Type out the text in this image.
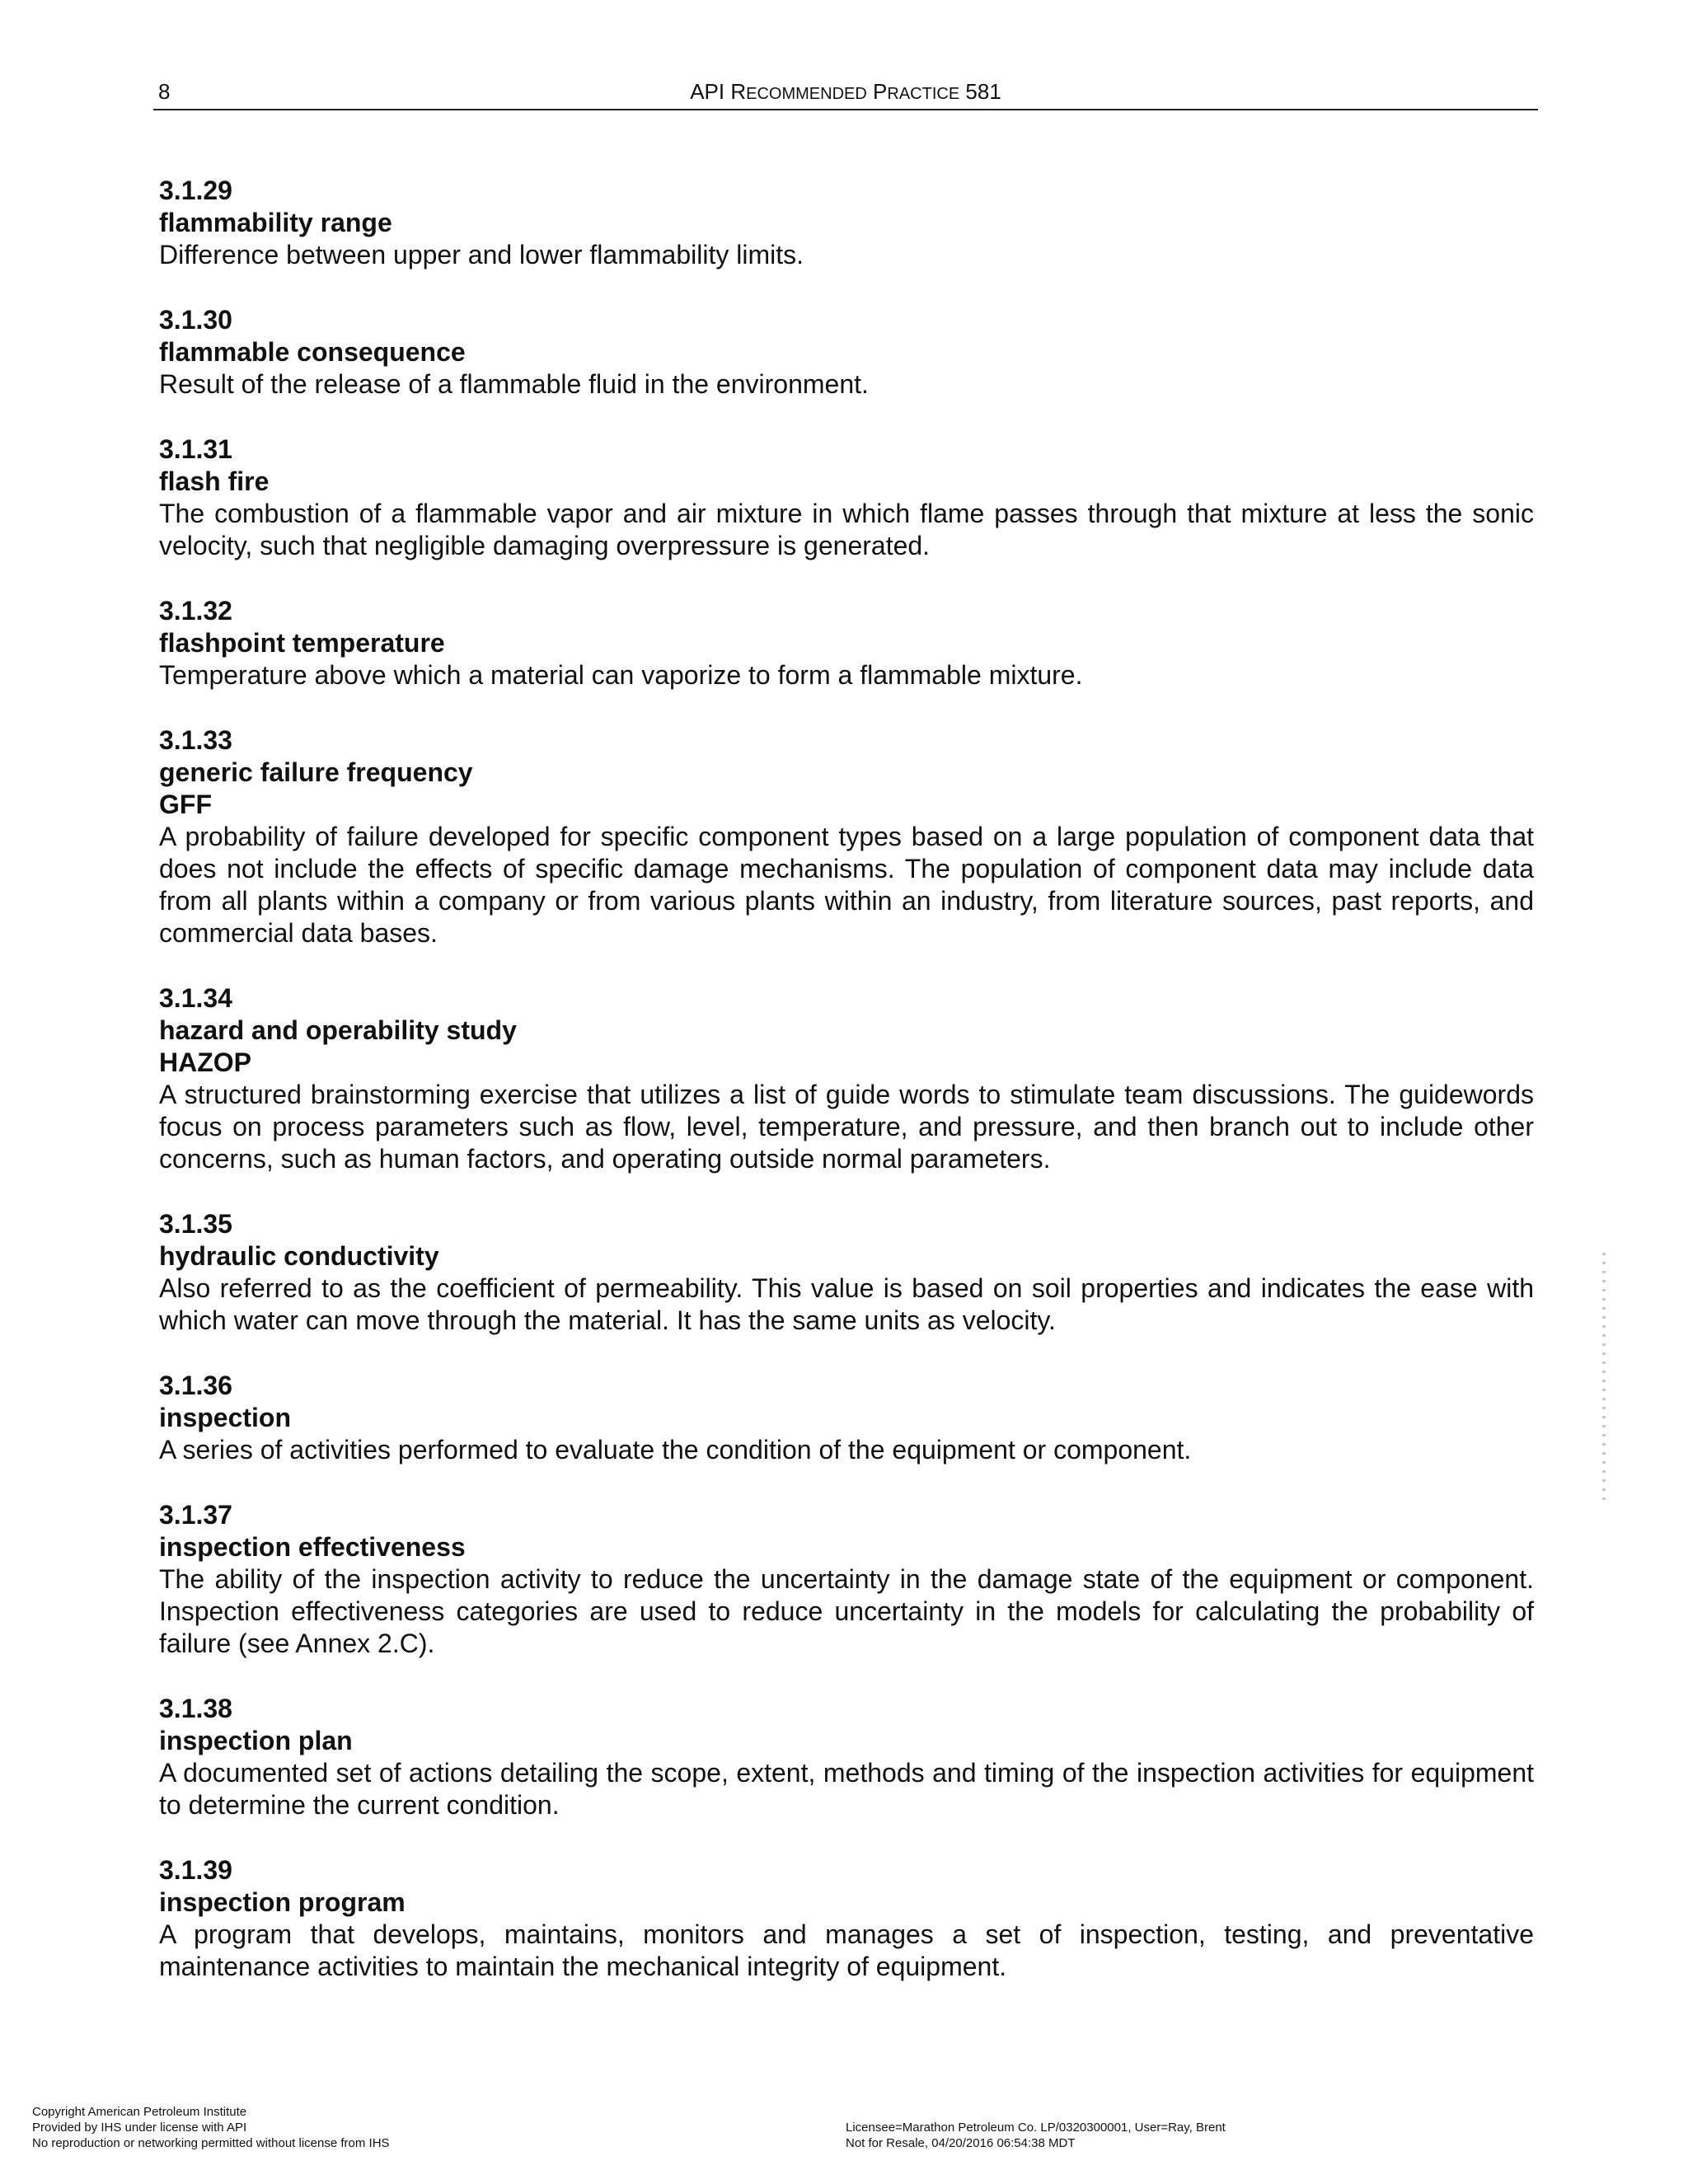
8	API RECOMMENDED PRACTICE 581

3.1.29

flammability range

Difference between upper and lower flammability limits.

3.1.30

flammable consequence

Result of the release of a flammable fluid in the environment.

3.1.31

flash fire

The combustion of a flammable vapor and air mixture in which flame passes through that mixture at less the sonic velocity, such that negligible damaging overpressure is generated.

3.1.32

flashpoint temperature

Temperature above which a material can vaporize to form a flammable mixture.

3.1.33

generic failure frequency

GFF

A probability of failure developed for specific component types based on a large population of component data that does not include the effects of specific damage mechanisms. The population of component data may include data from all plants within a company or from various plants within an industry, from literature sources, past reports, and commercial data bases.

3.1.34

hazard and operability study

HAZOP

A structured brainstorming exercise that utilizes a list of guide words to stimulate team discussions. The guidewords focus on process parameters such as flow, level, temperature, and pressure, and then branch out to include other concerns, such as human factors, and operating outside normal parameters.

3.1.35

hydraulic conductivity

Also referred to as the coefficient of permeability. This value is based on soil properties and indicates the ease with which water can move through the material. It has the same units as velocity.

3.1.36

inspection

A series of activities performed to evaluate the condition of the equipment or component.

3.1.37

inspection effectiveness

The ability of the inspection activity to reduce the uncertainty in the damage state of the equipment or component. Inspection effectiveness categories are used to reduce uncertainty in the models for calculating the probability of failure (see Annex 2.C).

3.1.38

inspection plan

A documented set of actions detailing the scope, extent, methods and timing of the inspection activities for equipment to determine the current condition.

3.1.39

inspection program

A program that develops, maintains, monitors and manages a set of inspection, testing, and preventative maintenance activities to maintain the mechanical integrity of equipment.

Copyright American Petroleum Institute

Provided by IHS under license with API

No reproduction or networking permitted without license from IHS

Licensee=Marathon Petroleum Co. LP/0320300001, User=Ray, Brent

Not for Resale, 04/20/2016 06:54:38 MDT
